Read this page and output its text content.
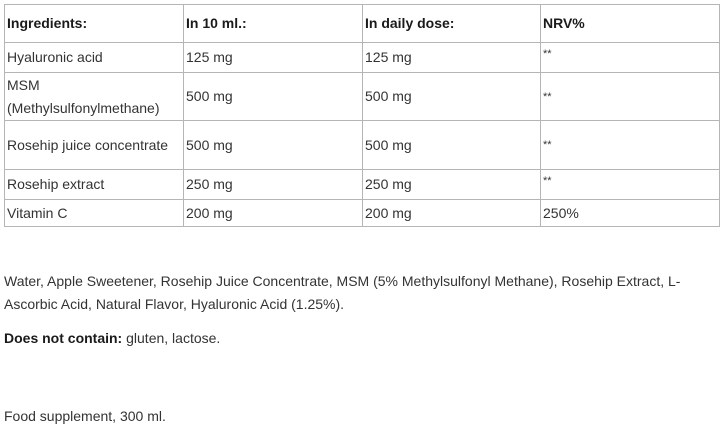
Ingredients:	In 10 ml.:	In daily dose:	NRV%
Hyaluronic acid	125 mg	125 mg	**
MSM (Methylsulfonylmethane)	500 mg	500 mg	**
Rosehip juice concentrate	500 mg	500 mg	**
Rosehip extract	250 mg	250 mg	**
Vitamin C	200 mg	200 mg	250%

Water, Apple Sweetener, Rosehip Juice Concentrate, MSM (5% Methylsulfonyl Methane), Rosehip Extract, L-Ascorbic Acid, Natural Flavor, Hyaluronic Acid (1.25%).

Does not contain: gluten, lactose.

Food supplement, 300 ml.
